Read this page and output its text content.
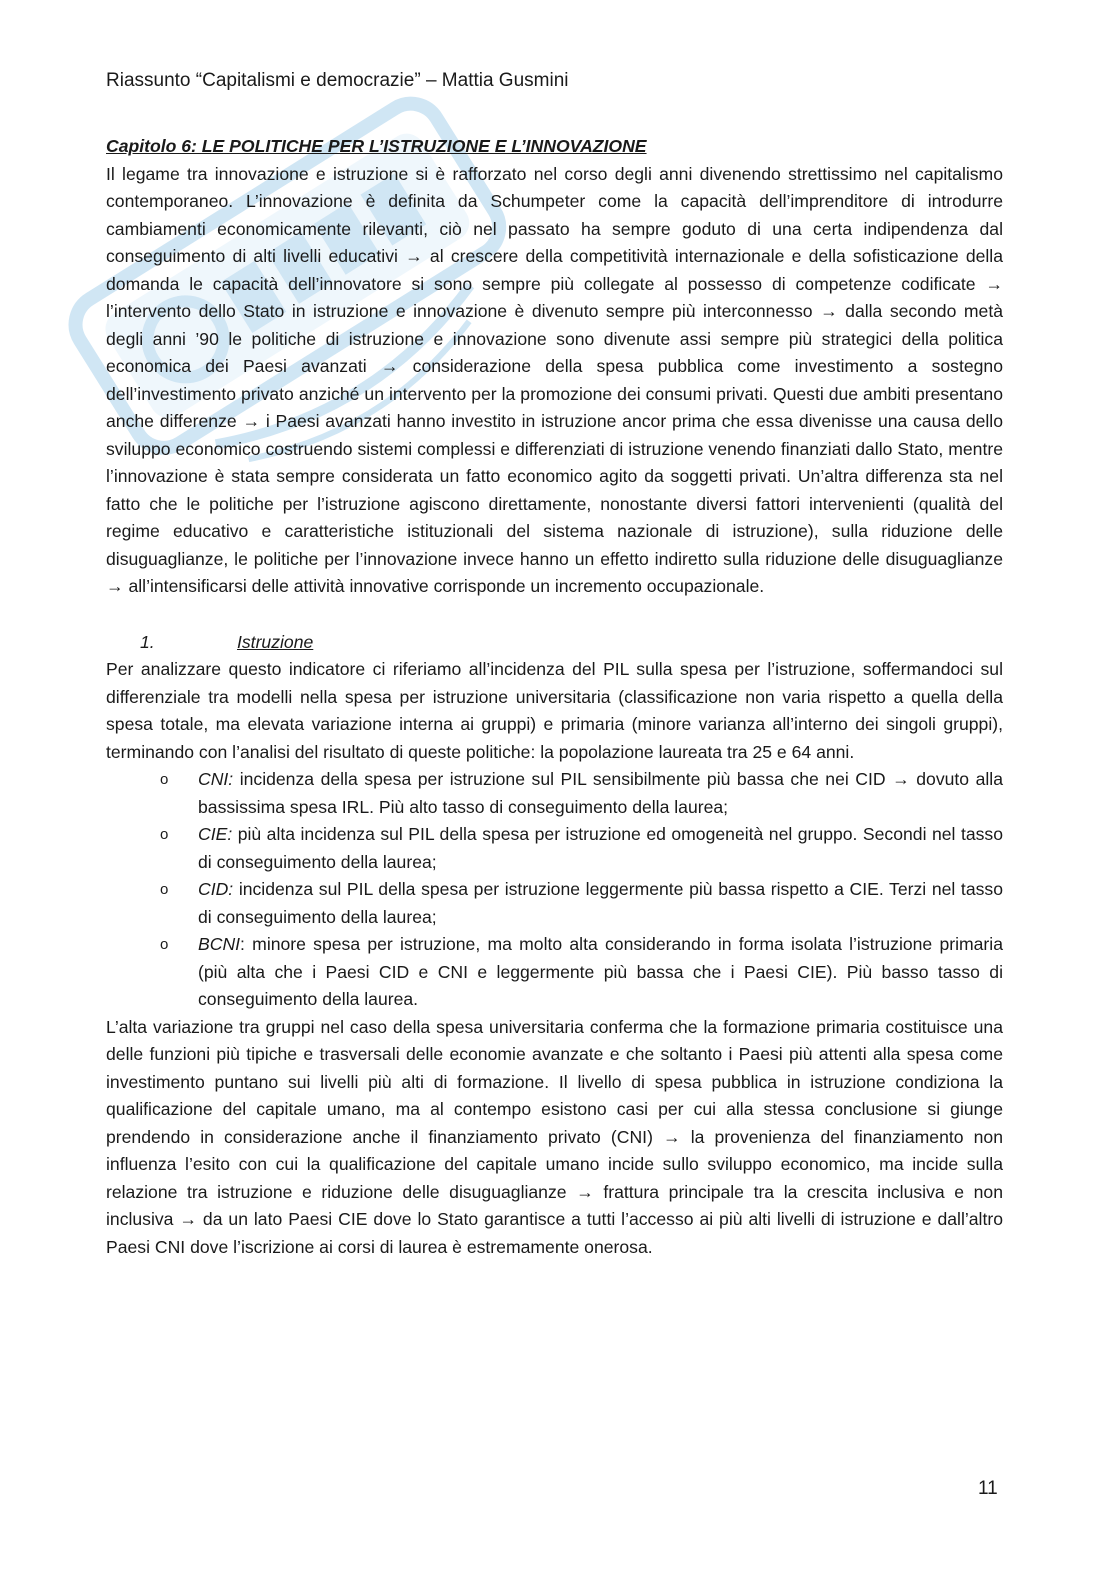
Riassunto “Capitalismi e democrazie” – Mattia Gusmini

Capitolo 6: LE POLITICHE PER L’ISTRUZIONE E L’INNOVAZIONE

Il legame tra innovazione e istruzione si è rafforzato nel corso degli anni divenendo strettissimo nel capitalismo contemporaneo. L’innovazione è definita da Schumpeter come la capacità dell’imprenditore di introdurre cambiamenti economicamente rilevanti, ciò nel passato ha sempre goduto di una certa indipendenza dal conseguimento di alti livelli educativi → al crescere della competitività internazionale e della sofisticazione della domanda le capacità dell’innovatore si sono sempre più collegate al possesso di competenze codificate → l’intervento dello Stato in istruzione e innovazione è divenuto sempre più interconnesso → dalla secondo metà degli anni ’90 le politiche di istruzione e innovazione sono divenute assi sempre più strategici della politica economica dei Paesi avanzati → considerazione della spesa pubblica come investimento a sostegno dell’investimento privato anziché un intervento per la promozione dei consumi privati. Questi due ambiti presentano anche differenze → i Paesi avanzati hanno investito in istruzione ancor prima che essa divenisse una causa dello sviluppo economico costruendo sistemi complessi e differenziati di istruzione venendo finanziati dallo Stato, mentre l’innovazione è stata sempre considerata un fatto economico agito da soggetti privati. Un’altra differenza sta nel fatto che le politiche per l’istruzione agiscono direttamente, nonostante diversi fattori intervenienti (qualità del regime educativo e caratteristiche istituzionali del sistema nazionale di istruzione), sulla riduzione delle disuguaglianze, le politiche per l’innovazione invece hanno un effetto indiretto sulla riduzione delle disuguaglianze → all’intensificarsi delle attività innovative corrisponde un incremento occupazionale.

1.	Istruzione

Per analizzare questo indicatore ci riferiamo all’incidenza del PIL sulla spesa per l’istruzione, soffermandoci sul differenziale tra modelli nella spesa per istruzione universitaria (classificazione non varia rispetto a quella della spesa totale, ma elevata variazione interna ai gruppi) e primaria (minore varianza all’interno dei singoli gruppi), terminando con l’analisi del risultato di queste politiche: la popolazione laureata tra 25 e 64 anni.

o CNI: incidenza della spesa per istruzione sul PIL sensibilmente più bassa che nei CID → dovuto alla bassissima spesa IRL. Più alto tasso di conseguimento della laurea;
o CIE: più alta incidenza sul PIL della spesa per istruzione ed omogeneità nel gruppo. Secondi nel tasso di conseguimento della laurea;
o CID: incidenza sul PIL della spesa per istruzione leggermente più bassa rispetto a CIE. Terzi nel tasso di conseguimento della laurea;
o BCNI: minore spesa per istruzione, ma molto alta considerando in forma isolata l’istruzione primaria (più alta che i Paesi CID e CNI e leggermente più bassa che i Paesi CIE). Più basso tasso di conseguimento della laurea.

L’alta variazione tra gruppi nel caso della spesa universitaria conferma che la formazione primaria costituisce una delle funzioni più tipiche e trasversali delle economie avanzate e che soltanto i Paesi più attenti alla spesa come investimento puntano sui livelli più alti di formazione. Il livello di spesa pubblica in istruzione condiziona la qualificazione del capitale umano, ma al contempo esistono casi per cui alla stessa conclusione si giunge prendendo in considerazione anche il finanziamento privato (CNI) → la provenienza del finanziamento non influenza l’esito con cui la qualificazione del capitale umano incide sullo sviluppo economico, ma incide sulla relazione tra istruzione e riduzione delle disuguaglianze → frattura principale tra la crescita inclusiva e non inclusiva → da un lato Paesi CIE dove lo Stato garantisce a tutti l’accesso ai più alti livelli di istruzione e dall’altro Paesi CNI dove l’iscrizione ai corsi di laurea è estremamente onerosa.

11
